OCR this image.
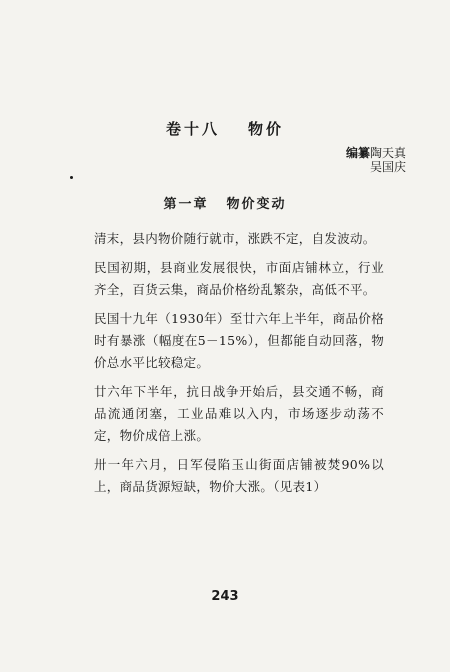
卷十八 物价
编纂陶天真
吴国庆
第一章 物价变动

清末，县内物价随行就市，涨跌不定，自发波动。

民国初期，县商业发展很快，市面店铺林立，行业齐全，百货云集，商品价格纷乱繁杂，高低不平。

民国十九年（1930年）至廿六年上半年，商品价格时有暴涨（幅度在5－15%），但都能自动回落，物价总水平比较稳定。

廿六年下半年，抗日战争开始后，县交通不畅，商品流通闭塞，工业品难以入内，市场逐步动荡不定，物价成倍上涨。

卅一年六月，日军侵陷玉山街面店铺被焚90%以上，商品货源短缺，物价大涨。（见表1）

243
